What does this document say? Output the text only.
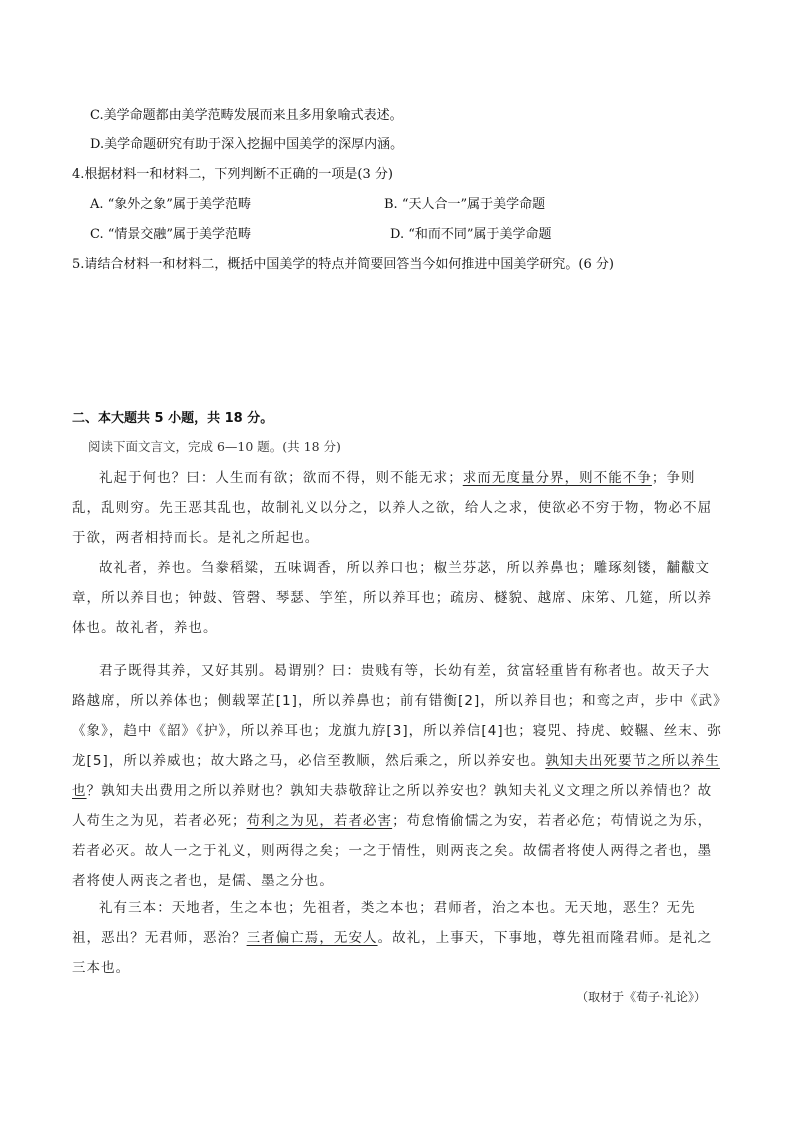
C.美学命题都由美学范畴发展而来且多用象喻式表述。
D.美学命题研究有助于深入挖掘中国美学的深厚内涵。
4.根据材料一和材料二，下列判断不正确的一项是(3 分)
A. “象外之象”属于美学范畴	B. “天人合一”属于美学命题
C. “情景交融”属于美学范畴	D. “和而不同”属于美学命题
5.请结合材料一和材料二，概括中国美学的特点并简要回答当今如何推进中国美学研究。(6 分)
二、本大题共 5 小题，共 18 分。
阅读下面文言文，完成 6—10 题。(共 18 分)
礼起于何也？曰：人生而有欲；欲而不得，则不能无求；求而无度量分界，则不能不争；争则乱，乱则穷。先王恶其乱也，故制礼义以分之，以养人之欲，给人之求，使欲必不穷于物，物必不屈于欲，两者相持而长。是礼之所起也。
故礼者，养也。刍豢稻粱，五味调香，所以养口也；椒兰芬苾，所以养鼻也；雕琢刻镂，黼黻文章，所以养目也；钟鼓、管磬、琴瑟、竽笙，所以养耳也；疏房、檖貌、越席、床笫、几筵，所以养体也。故礼者，养也。
君子既得其养，又好其别。曷谓别？曰：贵贱有等，长幼有差，贫富轻重皆有称者也。故天子大路越席，所以养体也；侧载睪芷[1]，所以养鼻也；前有错衡[2]，所以养目也；和鸾之声，步中《武》《象》，趋中《韶》《护》，所以养耳也；龙旗九斿[3]，所以养信[4]也；寝兕、持虎、蛟韅、丝末、弥龙[5]，所以养威也；故大路之马，必信至教顺，然后乘之，所以养安也。孰知夫出死要节之所以养生也？孰知夫出费用之所以养财也？孰知夫恭敬辞让之所以养安也？孰知夫礼义文理之所以养情也？故人苟生之为见，若者必死；苟利之为见，若者必害；苟怠惰偷懦之为安，若者必危；苟情说之为乐，若者必灭。故人一之于礼义，则两得之矣；一之于情性，则两丧之矣。故儒者将使人两得之者也，墨者将使人两丧之者也，是儒、墨之分也。
礼有三本：天地者，生之本也；先祖者，类之本也；君师者，治之本也。无天地，恶生？无先祖，恶出？无君师，恶治？三者偏亡焉，无安人。故礼，上事天，下事地，尊先祖而隆君师。是礼之三本也。
（取材于《荀子·礼论》）
